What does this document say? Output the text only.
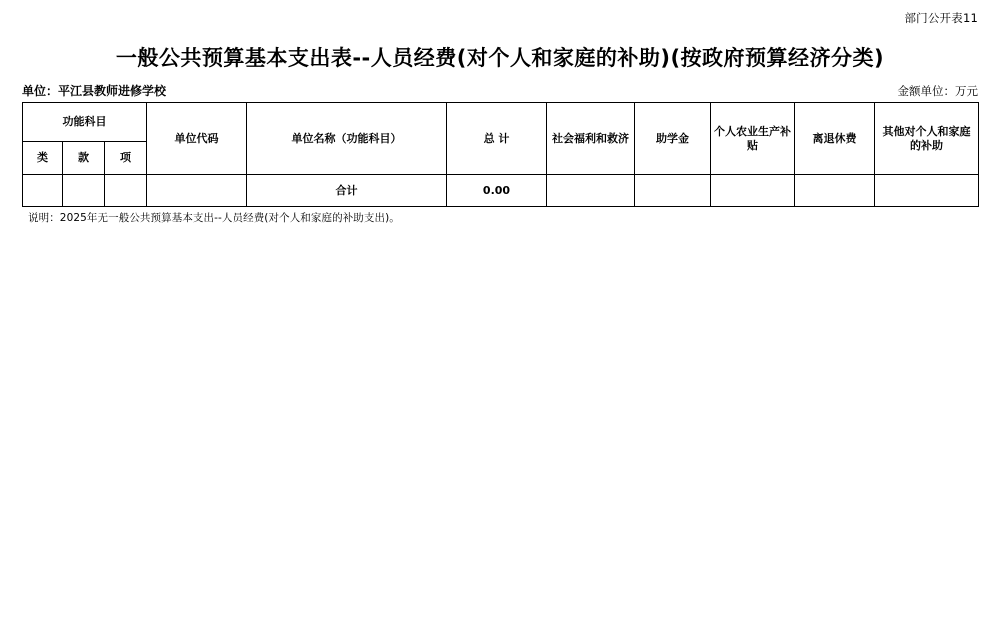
部门公开表11
一般公共预算基本支出表--人员经费(对个人和家庭的补助)(按政府预算经济分类)
单位：平江县教师进修学校	金额单位：万元
功能科目			单位代码	单位名称（功能科目）	总 计	社会福利和救济	助学金	个人农业生产补贴	离退休费	其他对个人和家庭的补助
类	款	项								
				合计	0.00					
说明：2025年无一般公共预算基本支出--人员经费(对个人和家庭的补助支出)。
